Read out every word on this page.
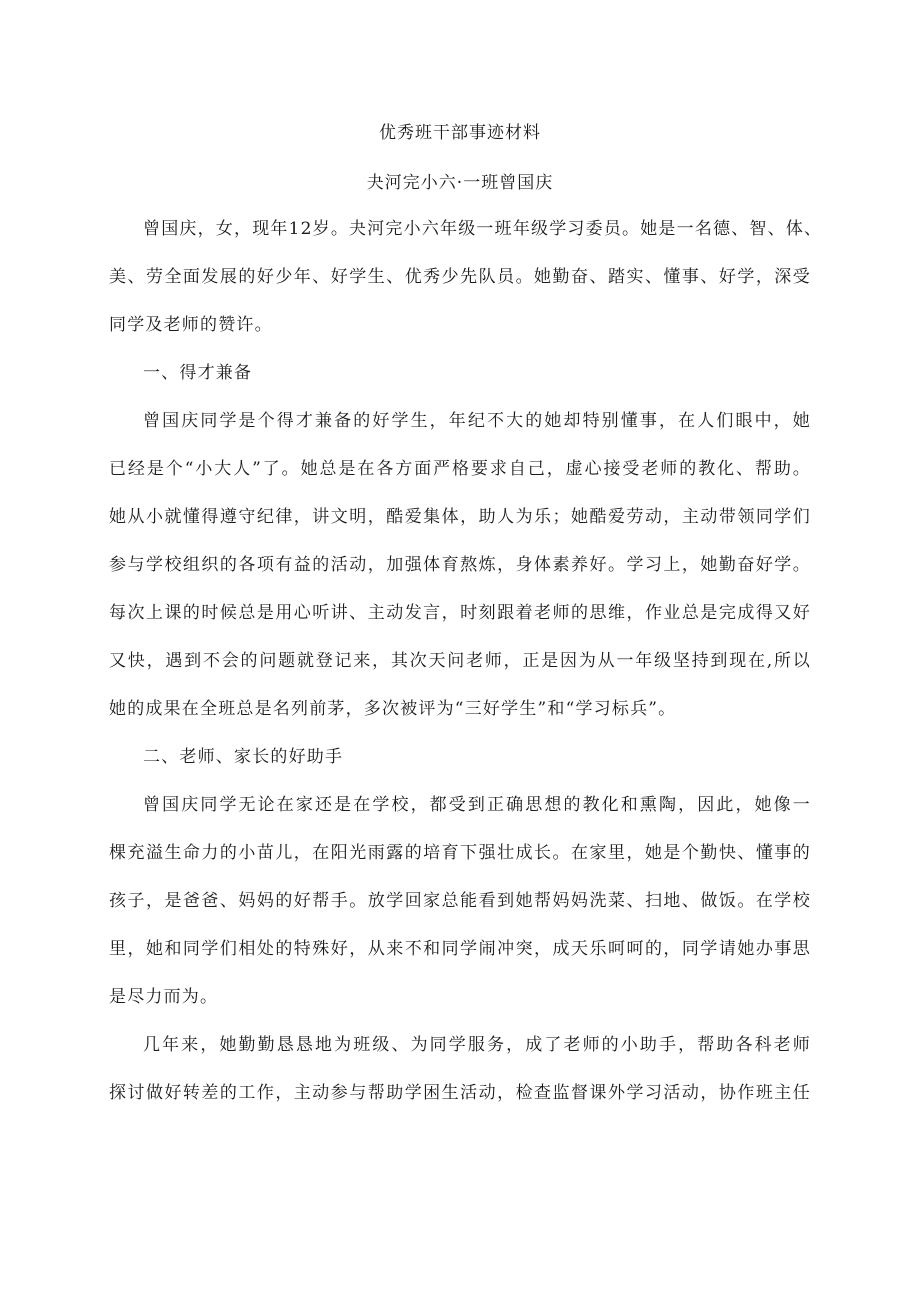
优秀班干部事迹材料
夬河完小六·一班曾国庆
曾国庆，女，现年12岁。夬河完小六年级一班年级学习委员。她是一名德、智、体、
美、劳全面发展的好少年、好学生、优秀少先队员。她勤奋、踏实、懂事、好学，深受
同学及老师的赞许。
一、得才兼备
曾国庆同学是个得才兼备的好学生，年纪不大的她却特别懂事，在人们眼中，她
已经是个“小大人”了。她总是在各方面严格要求自己，虚心接受老师的教化、帮助。
她从小就懂得遵守纪律，讲文明，酷爱集体，助人为乐；她酷爱劳动，主动带领同学们
参与学校组织的各项有益的活动，加强体育熬炼，身体素养好。学习上，她勤奋好学。
每次上课的时候总是用心听讲、主动发言，时刻跟着老师的思维，作业总是完成得又好
又快，遇到不会的问题就登记来，其次天问老师，正是因为从一年级坚持到现在,所以
她的成果在全班总是名列前茅，多次被评为“三好学生”和“学习标兵”。
二、老师、家长的好助手
曾国庆同学无论在家还是在学校，都受到正确思想的教化和熏陶，因此，她像一
棵充溢生命力的小苗儿，在阳光雨露的培育下强壮成长。在家里，她是个勤快、懂事的
孩子，是爸爸、妈妈的好帮手。放学回家总能看到她帮妈妈洗菜、扫地、做饭。在学校
里，她和同学们相处的特殊好，从来不和同学闹冲突，成天乐呵呵的，同学请她办事思
是尽力而为。
几年来，她勤勤恳恳地为班级、为同学服务，成了老师的小助手，帮助各科老师
探讨做好转差的工作，主动参与帮助学困生活动，检查监督课外学习活动，协作班主任
